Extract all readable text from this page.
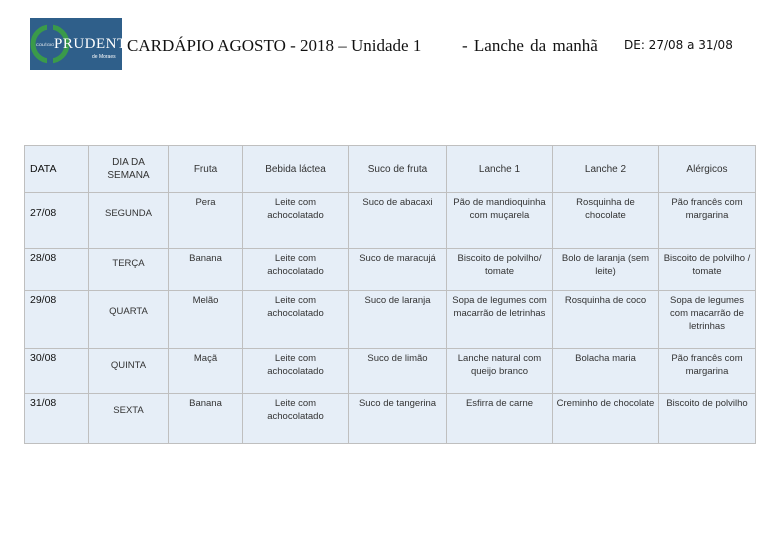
COLÉGIO PRUDENTE
de Moraes
CARDÁPIO AGOSTO - 2018 – Unidade 1 - Lanche da manhã DE: 27/08 a 31/08
DATA	DIA DA SEMANA	Fruta	Bebida láctea	Suco de fruta	Lanche 1	Lanche 2	Alérgicos
27/08	SEGUNDA	Pera	Leite com achocolatado	Suco de abacaxi	Pão de mandioquinha com muçarela	Rosquinha de chocolate	Pão francês com margarina
28/08	TERÇA	Banana	Leite com achocolatado	Suco de maracujá	Biscoito de polvilho/ tomate	Bolo de laranja (sem leite)	Biscoito de polvilho / tomate
29/08	QUARTA	Melão	Leite com achocolatado	Suco de laranja	Sopa de legumes com macarrão de letrinhas	Rosquinha de coco	Sopa de legumes com macarrão de letrinhas
30/08	QUINTA	Maçã	Leite com achocolatado	Suco de limão	Lanche natural com queijo branco	Bolacha maria	Pão francês com margarina
31/08	SEXTA	Banana	Leite com achocolatado	Suco de tangerina	Esfirra de carne	Creminho de chocolate	Biscoito de polvilho
